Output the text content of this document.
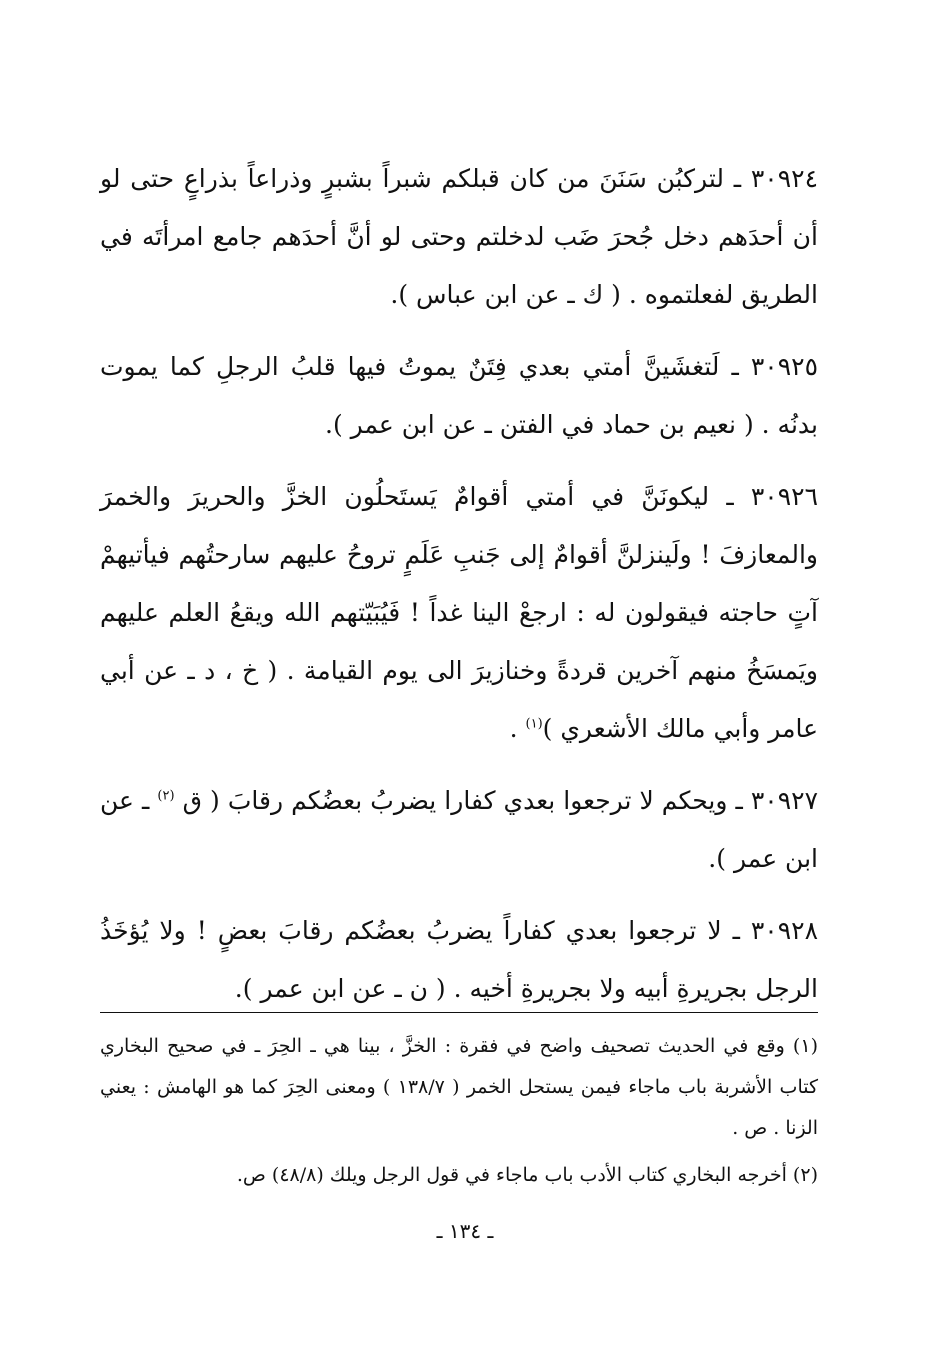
٣٠٩٢٤ ـ لتركبُن سَنَنَ من كان قبلكم شبراً بشبرٍ وذراعاً بذراعٍ حتى لو أن أحدَهم دخل جُحرَ ضَب لدخلتم وحتى لو أنَّ أحدَهم جامع امرأتَه في الطريق لفعلتموه . ( ك ـ عن ابن عباس ).

٣٠٩٢٥ ـ لَتغشَينَّ أمتي بعدي فِتَنٌ يموتُ فيها قلبُ الرجلِ كما يموت بدنُه . ( نعيم بن حماد في الفتن ـ عن ابن عمر ).

٣٠٩٢٦ ـ ليكونَنَّ في أمتي أقوامٌ يَستَحلُون الخزَّ والحريرَ والخمرَ والمعازفَ ! ولَينزلنَّ أقوامٌ إلى جَنبِ عَلَمٍ تروحُ عليهم سارحتُهم فيأتيهمْ آتٍ حاجته فيقولون له : ارجعْ الينا غداً ! فَيُبَيّتهم الله ويقعُ العلم عليهم ويَمسَخُ منهم آخرين قردةً وخنازيرَ الى يوم القيامة . ( خ ، د ـ عن أبي عامر وأبي مالك الأشعري )$^{(١)}$ .

٣٠٩٢٧ ـ ويحكم لا ترجعوا بعدي كفارا يضربُ بعضُكم رقابَ ( ق $^{(٢)}$ ـ عن ابن عمر ).

٣٠٩٢٨ ـ لا ترجعوا بعدي كفاراً يضربُ بعضُكم رقابَ بعضٍ ! ولا يُؤخَذُ الرجل بجريرةِ أبيه ولا بجريرةِ أخيه . ( ن ـ عن ابن عمر ).

(١) وقع في الحديث تصحيف واضح في فقرة : الخزَّ ، بينا هي ـ الحِرَ ـ في صحيح البخاري كتاب الأشربة باب ماجاء فيمن يستحل الخمر ( ١٣٨/٧ ) ومعنى الحِرَ كما هو الهامش : يعني الزنا . ص .

(٢) أخرجه البخاري كتاب الأدب باب ماجاء في قول الرجل ويلك (٤٨/٨) ص.

ـ ١٣٤ ـ
